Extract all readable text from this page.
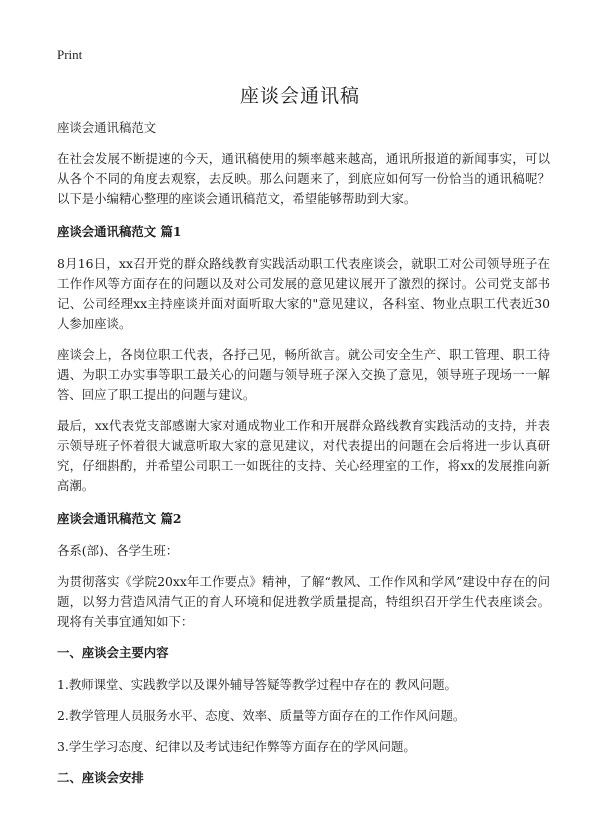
Print
座谈会通讯稿

座谈会通讯稿范文

在社会发展不断提速的今天，通讯稿使用的频率越来越高，通讯所报道的新闻事实，可以从各个不同的角度去观察，去反映。那么问题来了，到底应如何写一份恰当的通讯稿呢？以下是小编精心整理的座谈会通讯稿范文，希望能够帮助到大家。

座谈会通讯稿范文 篇1

8月16日，xx召开党的群众路线教育实践活动职工代表座谈会，就职工对公司领导班子在工作作风等方面存在的问题以及对公司发展的意见建议展开了激烈的探讨。公司党支部书记、公司经理xx主持座谈并面对面听取大家的"意见建议，各科室、物业点职工代表近30人参加座谈。

座谈会上，各岗位职工代表，各抒己见，畅所欲言。就公司安全生产、职工管理、职工待遇、为职工办实事等职工最关心的问题与领导班子深入交换了意见，领导班子现场一一解答、回应了职工提出的问题与建议。

最后，xx代表党支部感谢大家对通成物业工作和开展群众路线教育实践活动的支持，并表示领导班子怀着很大诚意听取大家的意见建议，对代表提出的问题在会后将进一步认真研究，仔细斟酌，并希望公司职工一如既往的支持、关心经理室的工作，将xx的发展推向新高潮。

座谈会通讯稿范文 篇2

各系(部)、各学生班：

为贯彻落实《学院20xx年工作要点》精神，了解“教风、工作作风和学风”建设中存在的问题，以努力营造风清气正的育人环境和促进教学质量提高，特组织召开学生代表座谈会。现将有关事宜通知如下：

一、座谈会主要内容

1.教师课堂、实践教学以及课外辅导答疑等教学过程中存在的 教风问题。

2.教学管理人员服务水平、态度、效率、质量等方面存在的工作作风问题。

3.学生学习态度、纪律以及考试违纪作弊等方面存在的学风问题。

二、座谈会安排
